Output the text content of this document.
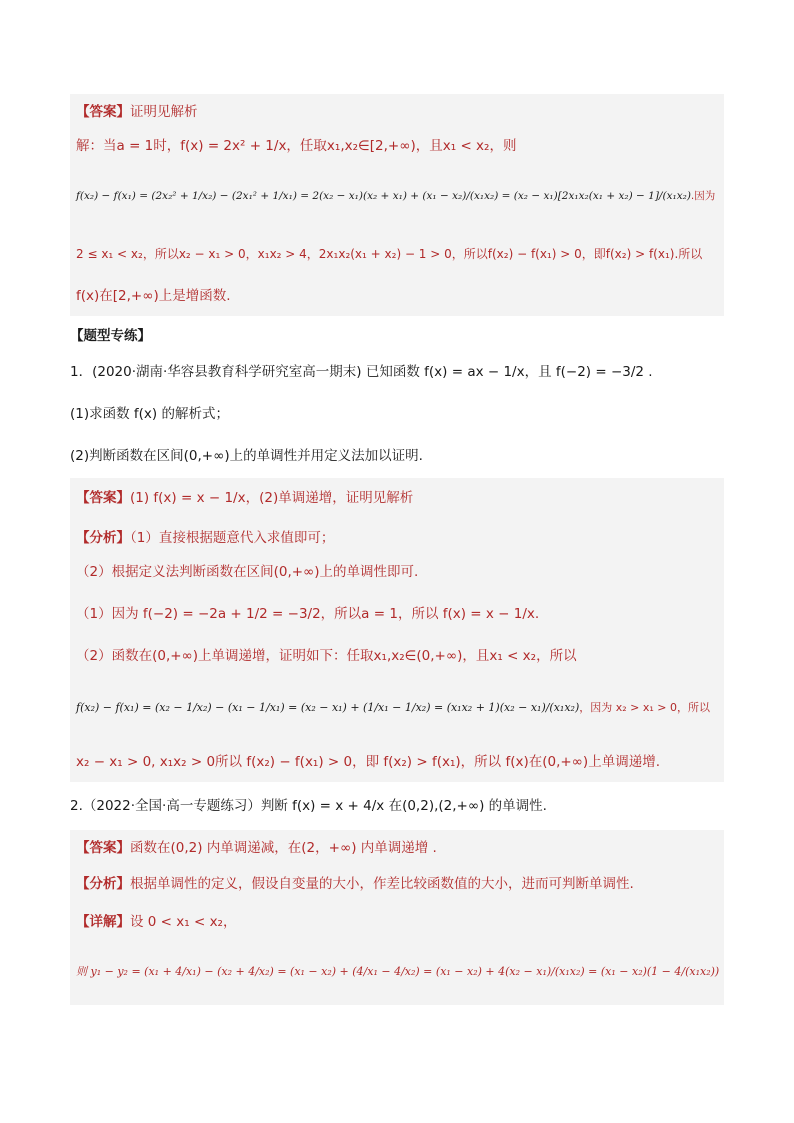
【答案】证明见解析
解：当a = 1时，f(x) = 2x² + 1/x，任取x₁,x₂∈[2,+∞)，且x₁ < x₂，则
f(x₂) − f(x₁) = (2x₂² + 1/x₂) − (2x₁² + 1/x₁) = 2(x₂ − x₁)(x₂ + x₁) + (x₁ − x₂)/(x₁x₂) = (x₂ − x₁)[2x₁x₂(x₁ + x₂) − 1]/(x₁x₂).因为
2 ≤ x₁ < x₂，所以x₂ − x₁ > 0，x₁x₂ > 4，2x₁x₂(x₁ + x₂) − 1 > 0，所以f(x₂) − f(x₁) > 0，即f(x₂) > f(x₁).所以
f(x)在[2,+∞)上是增函数.
【题型专练】
1．(2020·湖南·华容县教育科学研究室高一期末) 已知函数 f(x) = ax − 1/x，且 f(−2) = −3/2 .
(1)求函数 f(x) 的解析式；
(2)判断函数在区间(0,+∞)上的单调性并用定义法加以证明.
【答案】(1) f(x) = x − 1/x，(2)单调递增，证明见解析
【分析】（1）直接根据题意代入求值即可；
（2）根据定义法判断函数在区间(0,+∞)上的单调性即可.
（1）因为 f(−2) = −2a + 1/2 = −3/2，所以a = 1，所以 f(x) = x − 1/x.
（2）函数在(0,+∞)上单调递增，证明如下：任取x₁,x₂∈(0,+∞)，且x₁ < x₂，所以
f(x₂) − f(x₁) = (x₂ − 1/x₂) − (x₁ − 1/x₁) = (x₂ − x₁) + (1/x₁ − 1/x₂) = (x₁x₂ + 1)(x₂ − x₁)/(x₁x₂)，因为 x₂ > x₁ > 0，所以
x₂ − x₁ > 0, x₁x₂ > 0所以 f(x₂) − f(x₁) > 0，即 f(x₂) > f(x₁)，所以 f(x)在(0,+∞)上单调递增.
2.（2022·全国·高一专题练习）判断 f(x) = x + 4/x 在(0,2),(2,+∞) 的单调性.
【答案】函数在(0,2) 内单调递减，在(2，+∞) 内单调递增 .
【分析】根据单调性的定义，假设自变量的大小，作差比较函数值的大小，进而可判断单调性.
【详解】设 0 < x₁ < x₂，
则 y₁ − y₂ = (x₁ + 4/x₁) − (x₂ + 4/x₂) = (x₁ − x₂) + (4/x₁ − 4/x₂) = (x₁ − x₂) + 4(x₂ − x₁)/(x₁x₂) = (x₁ − x₂)(1 − 4/(x₁x₂))
